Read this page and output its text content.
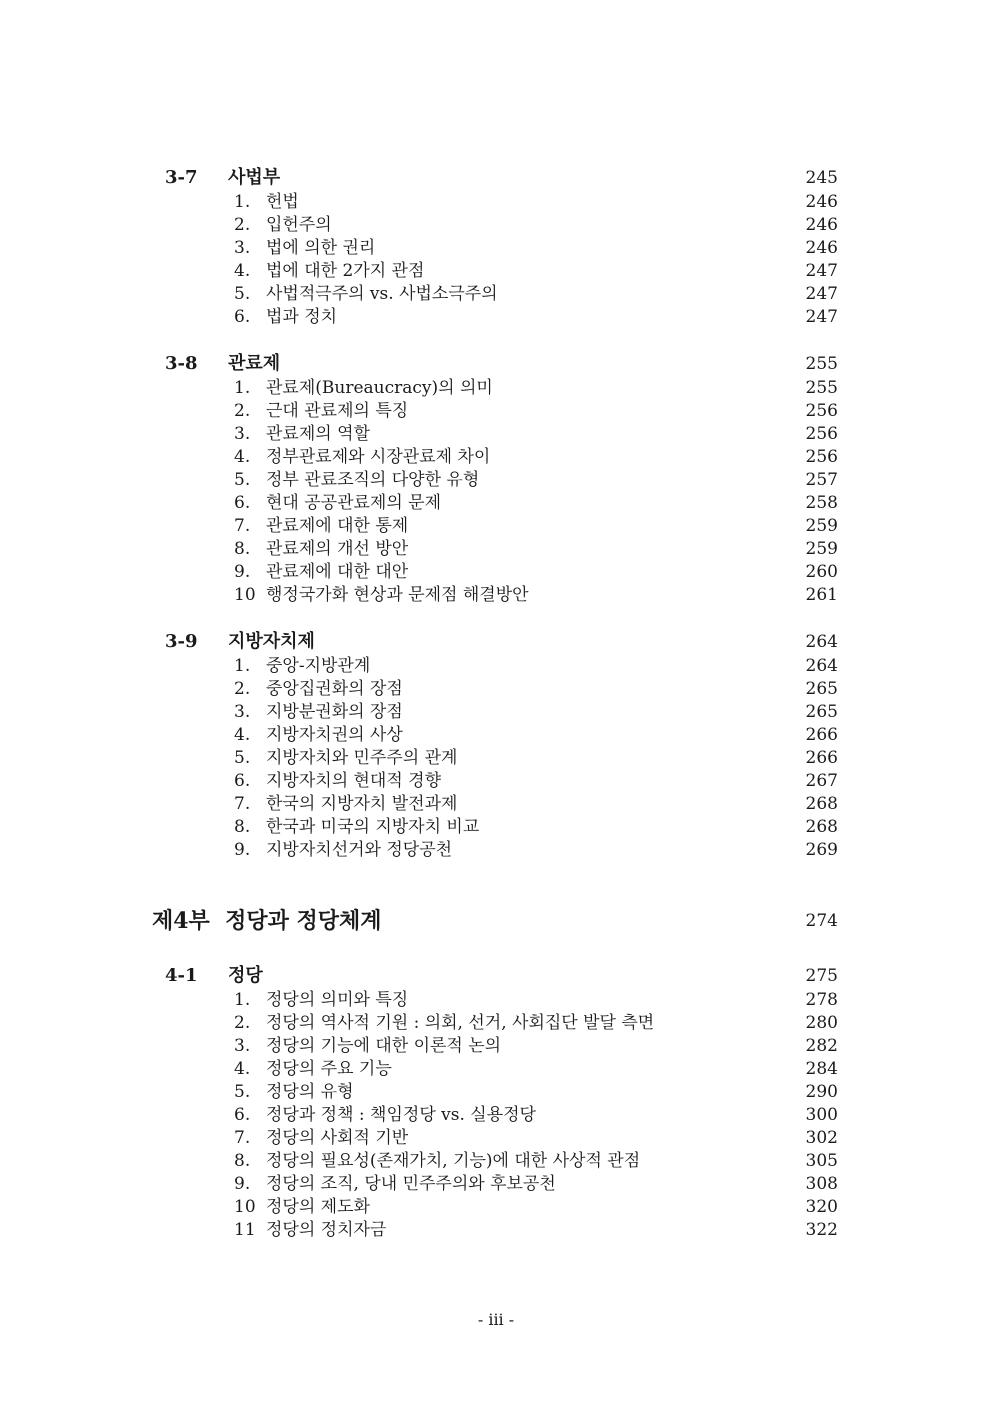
3-7 사법부	245
1. 헌법	246
2. 입헌주의	246
3. 법에 의한 권리	246
4. 법에 대한 2가지 관점	247
5. 사법적극주의 vs. 사법소극주의	247
6. 법과 정치	247
3-8 관료제	255
1. 관료제(Bureaucracy)의 의미	255
2. 근대 관료제의 특징	256
3. 관료제의 역할	256
4. 정부관료제와 시장관료제 차이	256
5. 정부 관료조직의 다양한 유형	257
6. 현대 공공관료제의 문제	258
7. 관료제에 대한 통제	259
8. 관료제의 개선 방안	259
9. 관료제에 대한 대안	260
10 행정국가화 현상과 문제점 해결방안	261
3-9 지방자치제	264
1. 중앙-지방관계	264
2. 중앙집권화의 장점	265
3. 지방분권화의 장점	265
4. 지방자치권의 사상	266
5. 지방자치와 민주주의 관계	266
6. 지방자치의 현대적 경향	267
7. 한국의 지방자치 발전과제	268
8. 한국과 미국의 지방자치 비교	268
9. 지방자치선거와 정당공천	269
제4부  정당과 정당체계	274
4-1 정당	275
1. 정당의 의미와 특징	278
2. 정당의 역사적 기원 : 의회, 선거, 사회집단 발달 측면	280
3. 정당의 기능에 대한 이론적 논의	282
4. 정당의 주요 기능	284
5. 정당의 유형	290
6. 정당과 정책 : 책임정당 vs. 실용정당	300
7. 정당의 사회적 기반	302
8. 정당의 필요성(존재가치, 기능)에 대한 사상적 관점	305
9. 정당의 조직, 당내 민주주의와 후보공천	308
10 정당의 제도화	320
11 정당의 정치자금	322
- iii -
